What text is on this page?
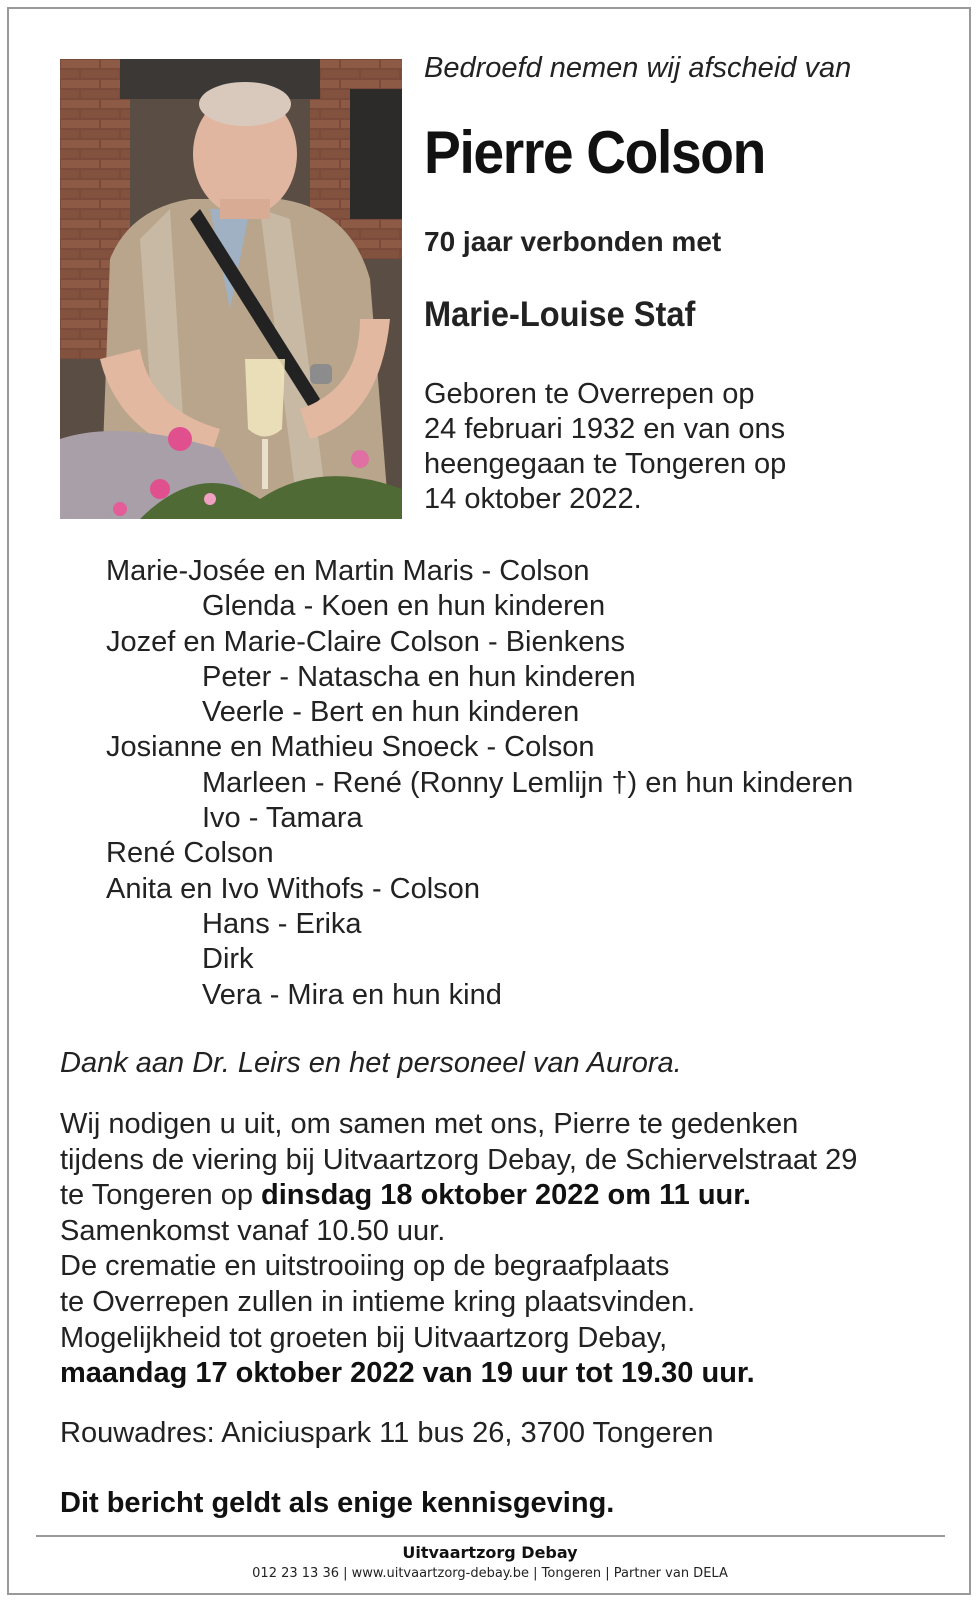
Bedroefd nemen wij afscheid van
Pierre Colson
70 jaar verbonden met
Marie-Louise Staf
Geboren te Overrepen op
24 februari 1932 en van ons
heengegaan te Tongeren op
14 oktober 2022.
Marie-Josée en Martin Maris - Colson
Glenda - Koen en hun kinderen
Jozef en Marie-Claire Colson - Bienkens
Peter - Natascha en hun kinderen
Veerle - Bert en hun kinderen
Josianne en Mathieu Snoeck - Colson
Marleen - René (Ronny Lemlijn †) en hun kinderen
Ivo - Tamara
René Colson
Anita en Ivo Withofs - Colson
Hans - Erika
Dirk
Vera - Mira en hun kind
Dank aan Dr. Leirs en het personeel van Aurora.
Wij nodigen u uit, om samen met ons, Pierre te gedenken
tijdens de viering bij Uitvaartzorg Debay, de Schiervelstraat 29
te Tongeren op dinsdag 18 oktober 2022 om 11 uur.
Samenkomst vanaf 10.50 uur.
De crematie en uitstrooiing op de begraafplaats
te Overrepen zullen in intieme kring plaatsvinden.
Mogelijkheid tot groeten bij Uitvaartzorg Debay,
maandag 17 oktober 2022 van 19 uur tot 19.30 uur.
Rouwadres: Aniciuspark 11 bus 26, 3700 Tongeren
Dit bericht geldt als enige kennisgeving.
Uitvaartzorg Debay
012 23 13 36 | www.uitvaartzorg-debay.be | Tongeren | Partner van DELA
